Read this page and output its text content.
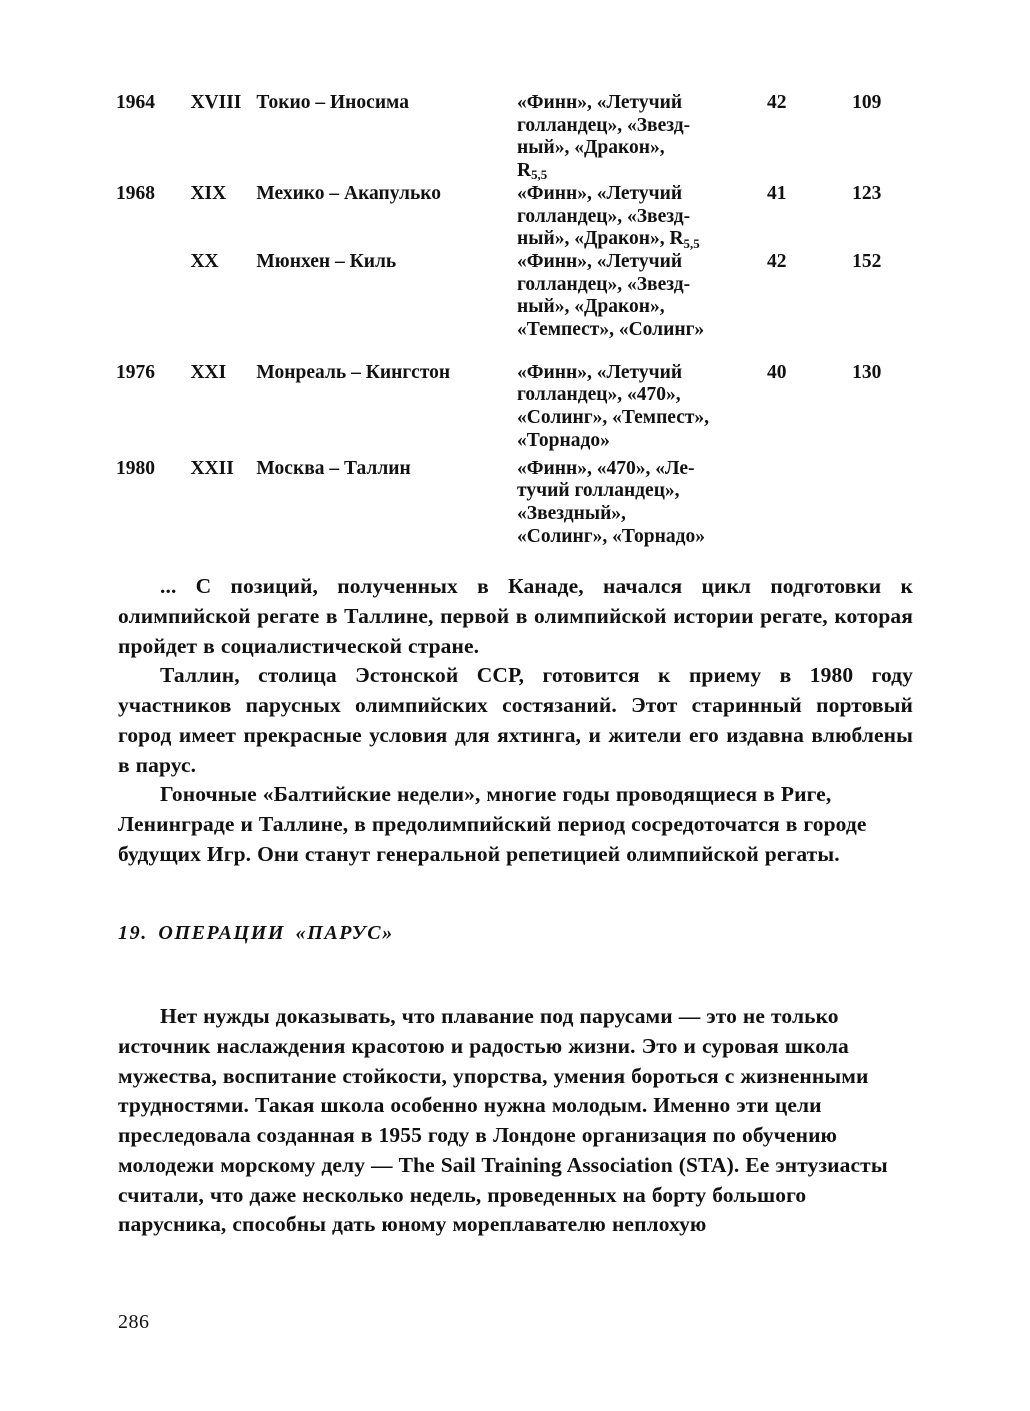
1964	XVIII	Токио – Иносима	«Финн», «Летучий
голландец», «Звезд-
ный», «Дракон»,
$R_{5,5}$	42	109
1968	XIX	Мехико – Акапулько	«Финн», «Летучий
голландец», «Звезд-
ный», «Дракон», $R_{5,5}$	41	123
	XX	Мюнхен – Киль	«Финн», «Летучий
голландец», «Звезд-
ный», «Дракон»,
«Темпест», «Солинг»	42	152
1976	XXI	Монреаль – Кингстон	«Финн», «Летучий
голландец», «470»,
«Солинг», «Темпест»,
«Торнадо»	40	130
1980	XXII	Москва – Таллин	«Финн», «470», «Ле-
тучий голландец»,
«Звездный»,
«Солинг», «Торнадо»		

... С позиций, полученных в Канаде, начался цикл подготовки к олимпийской регате в Таллине, первой в олимпийской истории регате, которая пройдет в социалистической стране.

Таллин, столица Эстонской ССР, готовится к приему в 1980 году участников парусных олимпийских состязаний. Этот старинный портовый город имеет прекрасные условия для яхтинга, и жители его издавна влюблены в парус.

Гоночные «Балтийские недели», многие годы проводящиеся в Риге, Ленинграде и Таллине, в предолимпийский период сосредоточатся в городе будущих Игр. Они станут генеральной репетицией олимпийской регаты.

19. ОПЕРАЦИИ «ПАРУС»

Нет нужды доказывать, что плавание под парусами — это не только источник наслаждения красотою и радостью жизни. Это и суровая школа мужества, воспитание стойкости, упорства, умения бороться с жизненными трудностями. Такая школа особенно нужна молодым. Именно эти цели преследовала созданная в 1955 году в Лондоне организация по обучению молодежи морскому делу — The Sail Training Association (STA). Ее энтузиасты считали, что даже несколько недель, проведенных на борту большого парусника, способны дать юному мореплавателю неплохую

286
